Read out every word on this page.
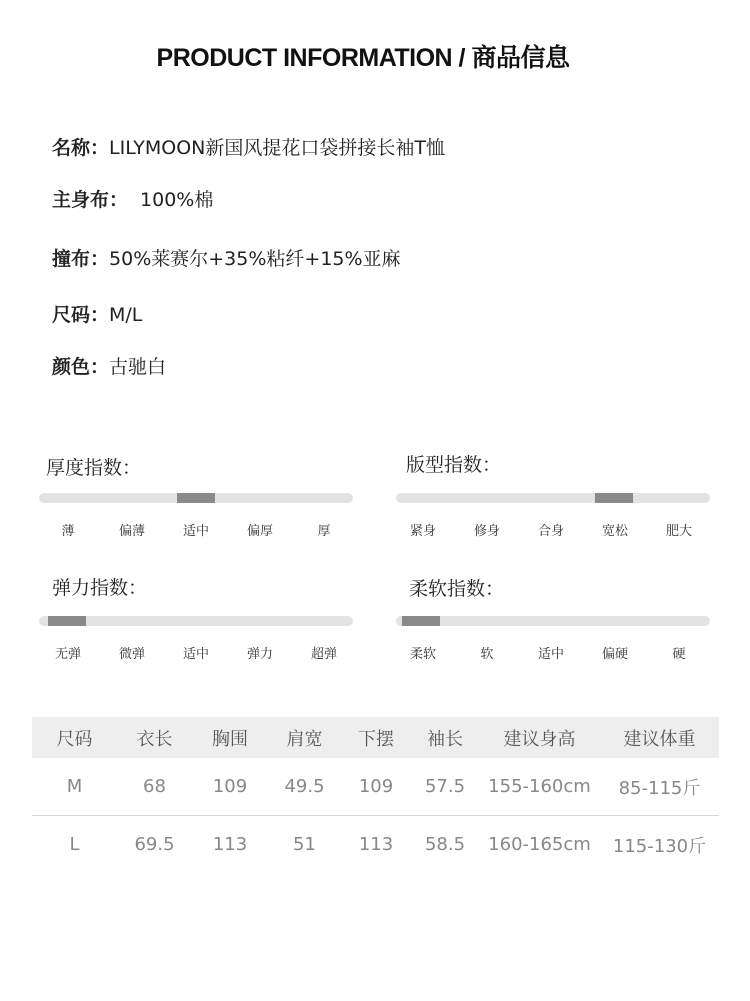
PRODUCT INFORMATION / 商品信息
名称：LILYMOON新国风提花口袋拼接长袖T恤
主身布： 100%棉
撞布：50%莱赛尔+35%粘纤+15%亚麻
尺码：M/L
颜色：古驰白
厚度指数：
薄	偏薄	适中	偏厚	厚
版型指数：
紧身	修身	合身	宽松	肥大
弹力指数：
无弹	微弹	适中	弹力	超弹
柔软指数：
柔软	软	适中	偏硬	硬
尺码	衣长	胸围	肩宽	下摆	袖长	建议身高	建议体重
M	68	109	49.5	109	57.5	155-160cm	85-115斤
L	69.5	113	51	113	58.5	160-165cm	115-130斤
